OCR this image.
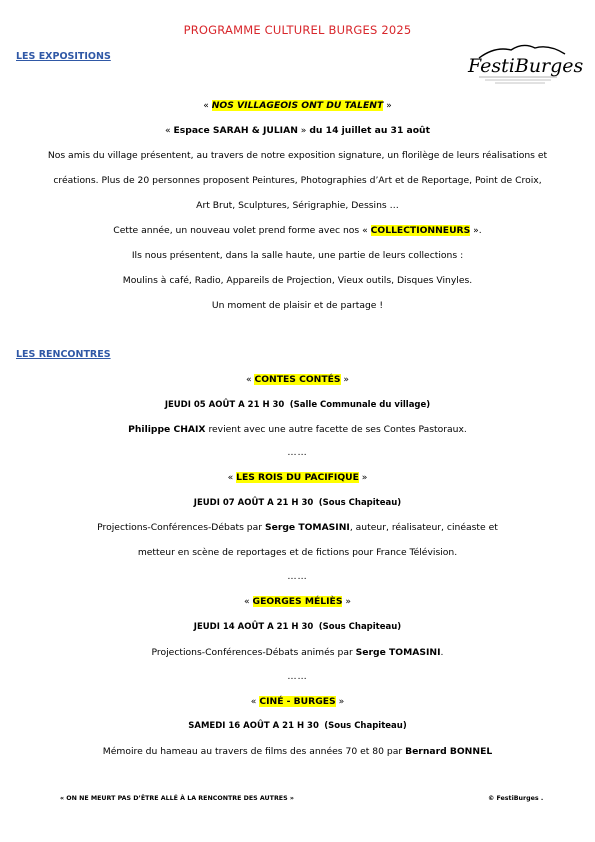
PROGRAMME CULTUREL BURGES 2025
LES EXPOSITIONS	FestiBurges
« NOS VILLAGEOIS ONT DU TALENT »
« Espace SARAH & JULIAN » du 14 juillet au 31 août
Nos amis du village présentent, au travers de notre exposition signature, un florilège de leurs réalisations et
créations. Plus de 20 personnes proposent Peintures, Photographies d’Art et de Reportage, Point de Croix,
Art Brut, Sculptures, Sérigraphie, Dessins …
Cette année, un nouveau volet prend forme avec nos « COLLECTIONNEURS ».
Ils nous présentent, dans la salle haute, une partie de leurs collections :
Moulins à café, Radio, Appareils de Projection, Vieux outils, Disques Vinyles.
Un moment de plaisir et de partage !
LES RENCONTRES
« CONTES CONTÉS »
JEUDI 05 AOÛT A 21 H 30 (Salle Communale du village)
Philippe CHAIX revient avec une autre facette de ses Contes Pastoraux.
……
« LES ROIS DU PACIFIQUE »
JEUDI 07 AOÛT A 21 H 30 (Sous Chapiteau)
Projections-Conférences-Débats par Serge TOMASINI, auteur, réalisateur, cinéaste et
metteur en scène de reportages et de fictions pour France Télévision.
……
« GEORGES MÉLIÈS »
JEUDI 14 AOÛT A 21 H 30 (Sous Chapiteau)
Projections-Conférences-Débats animés par Serge TOMASINI.
……
« CINÉ - BURGES »
SAMEDI 16 AOÛT A 21 H 30 (Sous Chapiteau)
Mémoire du hameau au travers de films des années 70 et 80 par Bernard BONNEL
« ON NE MEURT PAS D’ÊTRE ALLÉ À LA RENCONTRE DES AUTRES »	© FestiBurges .
